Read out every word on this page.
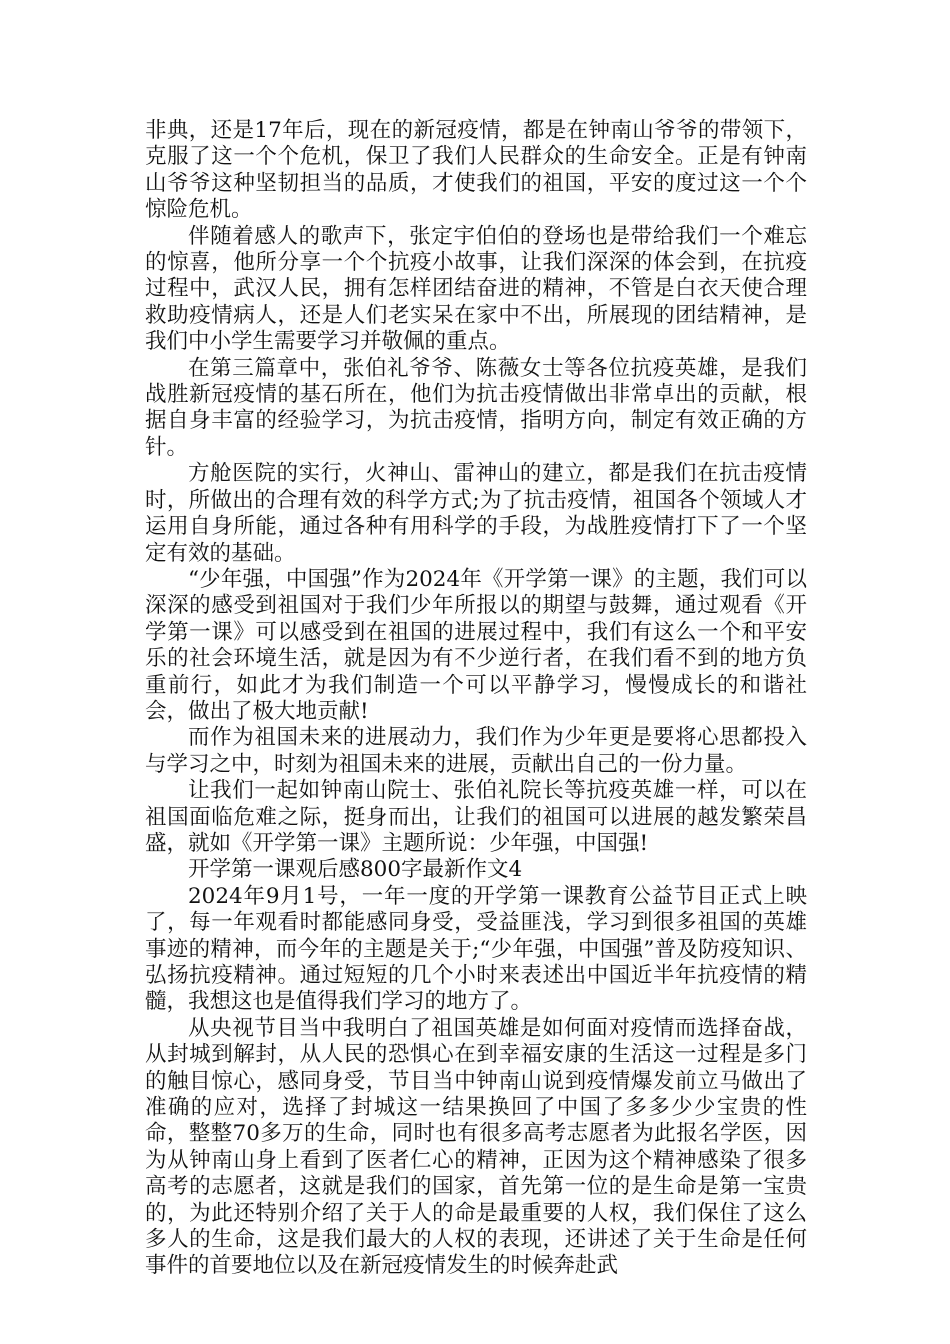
非典，还是17年后，现在的新冠疫情，都是在钟南山爷爷的带领下，克服了这一个个危机，保卫了我们人民群众的生命安全。正是有钟南山爷爷这种坚韧担当的品质，才使我们的祖国，平安的度过这一个个惊险危机。

伴随着感人的歌声下，张定宇伯伯的登场也是带给我们一个难忘的惊喜，他所分享一个个抗疫小故事，让我们深深的体会到，在抗疫过程中，武汉人民，拥有怎样团结奋进的精神，不管是白衣天使合理救助疫情病人，还是人们老实呆在家中不出，所展现的团结精神，是我们中小学生需要学习并敬佩的重点。

在第三篇章中，张伯礼爷爷、陈薇女士等各位抗疫英雄，是我们战胜新冠疫情的基石所在，他们为抗击疫情做出非常卓出的贡献，根据自身丰富的经验学习，为抗击疫情，指明方向，制定有效正确的方针。

方舱医院的实行，火神山、雷神山的建立，都是我们在抗击疫情时，所做出的合理有效的科学方式;为了抗击疫情，祖国各个领域人才运用自身所能，通过各种有用科学的手段，为战胜疫情打下了一个坚定有效的基础。

“少年强，中国强”作为2024年《开学第一课》的主题，我们可以深深的感受到祖国对于我们少年所报以的期望与鼓舞，通过观看《开学第一课》可以感受到在祖国的进展过程中，我们有这么一个和平安乐的社会环境生活，就是因为有不少逆行者，在我们看不到的地方负重前行，如此才为我们制造一个可以平静学习，慢慢成长的和谐社会，做出了极大地贡献!

而作为祖国未来的进展动力，我们作为少年更是要将心思都投入与学习之中，时刻为祖国未来的进展，贡献出自己的一份力量。

让我们一起如钟南山院士、张伯礼院长等抗疫英雄一样，可以在祖国面临危难之际，挺身而出，让我们的祖国可以进展的越发繁荣昌盛，就如《开学第一课》主题所说：少年强，中国强!

开学第一课观后感800字最新作文4

2024年9月1号，一年一度的开学第一课教育公益节目正式上映了，每一年观看时都能感同身受，受益匪浅，学习到很多祖国的英雄事迹的精神，而今年的主题是关于;“少年强，中国强”普及防疫知识、弘扬抗疫精神。通过短短的几个小时来表述出中国近半年抗疫情的精髓，我想这也是值得我们学习的地方了。

从央视节目当中我明白了祖国英雄是如何面对疫情而选择奋战，从封城到解封，从人民的恐惧心在到幸福安康的生活这一过程是多门的触目惊心，感同身受，节目当中钟南山说到疫情爆发前立马做出了准确的应对，选择了封城这一结果换回了中国了多多少少宝贵的性命，整整70多万的生命，同时也有很多高考志愿者为此报名学医，因为从钟南山身上看到了医者仁心的精神，正因为这个精神感染了很多高考的志愿者，这就是我们的国家，首先第一位的是生命是第一宝贵的，为此还特别介绍了关于人的命是最重要的人权，我们保住了这么多人的生命，这是我们最大的人权的表现，还讲述了关于生命是任何事件的首要地位以及在新冠疫情发生的时候奔赴武
